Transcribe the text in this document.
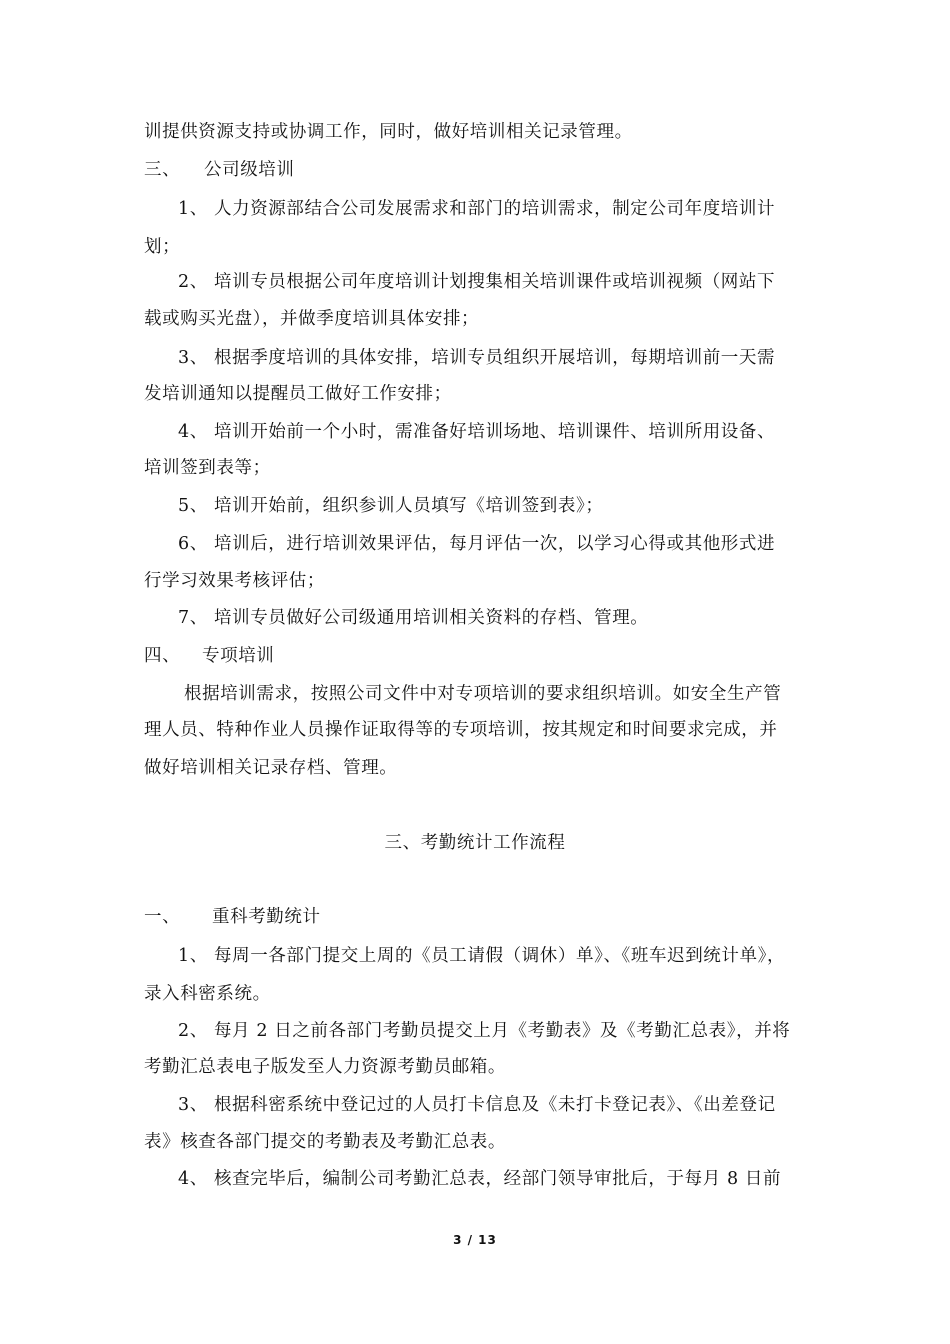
训提供资源支持或协调工作，同时，做好培训相关记录管理。
三、 公司级培训
1、 人力资源部结合公司发展需求和部门的培训需求，制定公司年度培训计
划；
2、 培训专员根据公司年度培训计划搜集相关培训课件或培训视频（网站下
载或购买光盘），并做季度培训具体安排；
3、 根据季度培训的具体安排，培训专员组织开展培训，每期培训前一天需
发培训通知以提醒员工做好工作安排；
4、 培训开始前一个小时，需准备好培训场地、培训课件、培训所用设备、
培训签到表等；
5、 培训开始前，组织参训人员填写《培训签到表》；
6、 培训后，进行培训效果评估，每月评估一次，以学习心得或其他形式进
行学习效果考核评估；
7、 培训专员做好公司级通用培训相关资料的存档、管理。
四、 专项培训
根据培训需求，按照公司文件中对专项培训的要求组织培训。如安全生产管
理人员、特种作业人员操作证取得等的专项培训，按其规定和时间要求完成，并
做好培训相关记录存档、管理。
三、考勤统计工作流程
一、 重科考勤统计
1、 每周一各部门提交上周的《员工请假（调休）单》、《班车迟到统计单》，
录入科密系统。
2、 每月 2 日之前各部门考勤员提交上月《考勤表》及《考勤汇总表》，并将
考勤汇总表电子版发至人力资源考勤员邮箱。
3、 根据科密系统中登记过的人员打卡信息及《未打卡登记表》、《出差登记
表》核查各部门提交的考勤表及考勤汇总表。
4、 核查完毕后，编制公司考勤汇总表，经部门领导审批后，于每月 8 日前
3 / 13
